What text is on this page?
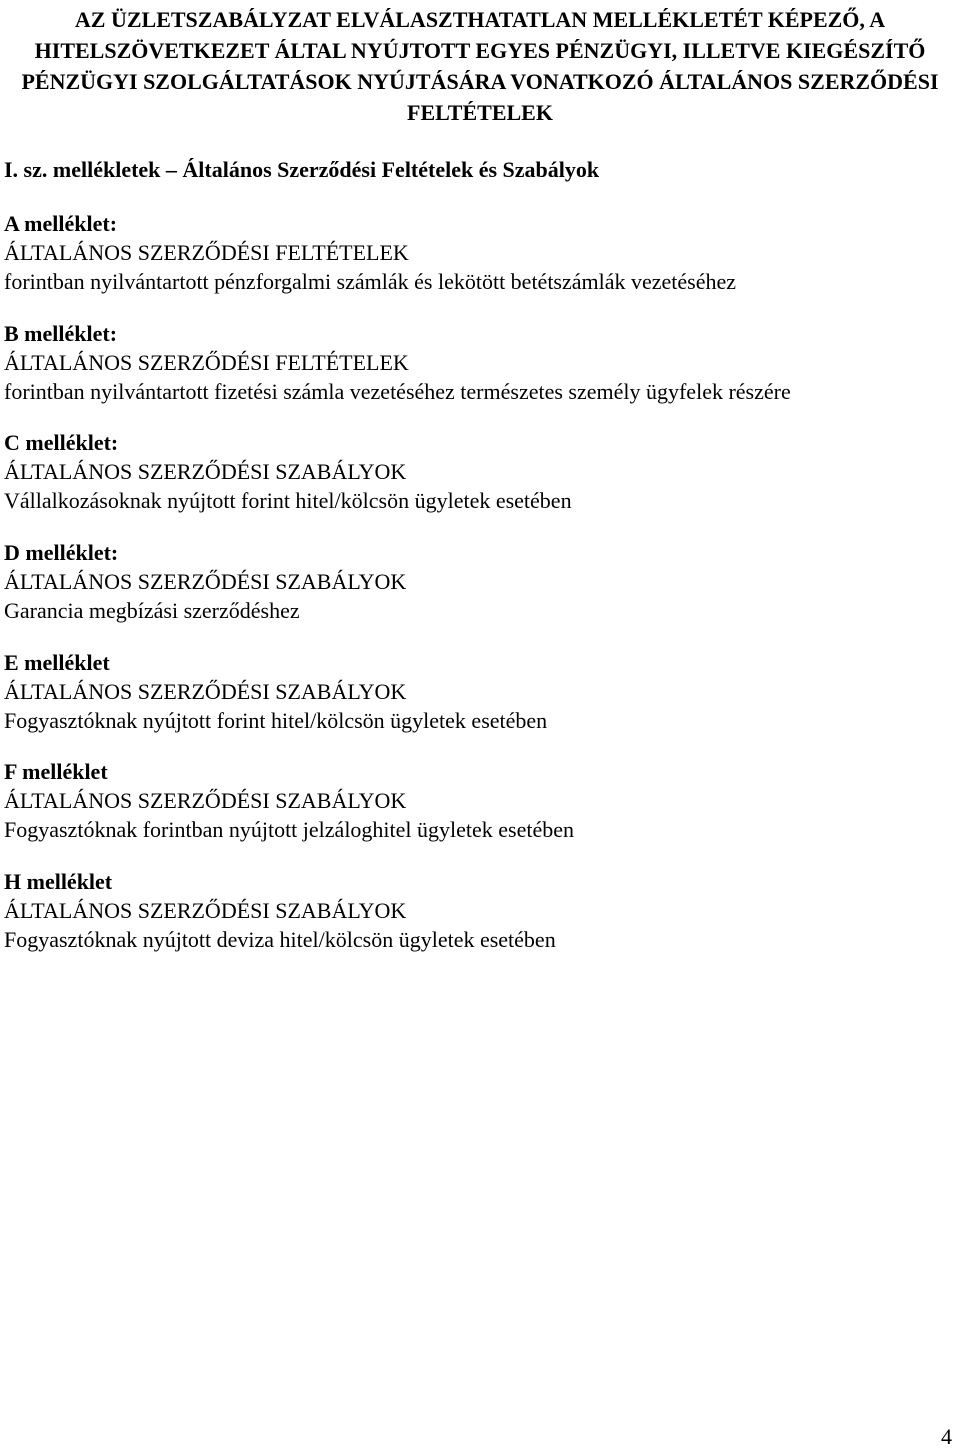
AZ ÜZLETSZABÁLYZAT ELVÁLASZTHATATLAN MELLÉKLETÉT KÉPEZŐ, A
HITELSZÖVETKEZET ÁLTAL NYÚJTOTT EGYES PÉNZÜGYI, ILLETVE KIEGÉSZÍTŐ
PÉNZÜGYI SZOLGÁLTATÁSOK NYÚJTÁSÁRA VONATKOZÓ ÁLTALÁNOS SZERZŐDÉSI
FELTÉTELEK
I. sz. mellékletek – Általános Szerződési Feltételek és Szabályok
A melléklet:
ÁLTALÁNOS SZERZŐDÉSI FELTÉTELEK
forintban nyilvántartott pénzforgalmi számlák és lekötött betétszámlák vezetéséhez
B melléklet:
ÁLTALÁNOS SZERZŐDÉSI FELTÉTELEK
forintban nyilvántartott fizetési számla vezetéséhez természetes személy ügyfelek részére
C melléklet:
ÁLTALÁNOS SZERZŐDÉSI SZABÁLYOK
Vállalkozásoknak nyújtott forint hitel/kölcsön ügyletek esetében
D melléklet:
ÁLTALÁNOS SZERZŐDÉSI SZABÁLYOK
Garancia megbízási szerződéshez
E melléklet
ÁLTALÁNOS SZERZŐDÉSI SZABÁLYOK
Fogyasztóknak nyújtott forint hitel/kölcsön ügyletek esetében
F melléklet
ÁLTALÁNOS SZERZŐDÉSI SZABÁLYOK
Fogyasztóknak forintban nyújtott jelzáloghitel ügyletek esetében
H melléklet
ÁLTALÁNOS SZERZŐDÉSI SZABÁLYOK
Fogyasztóknak nyújtott deviza hitel/kölcsön ügyletek esetében
4
